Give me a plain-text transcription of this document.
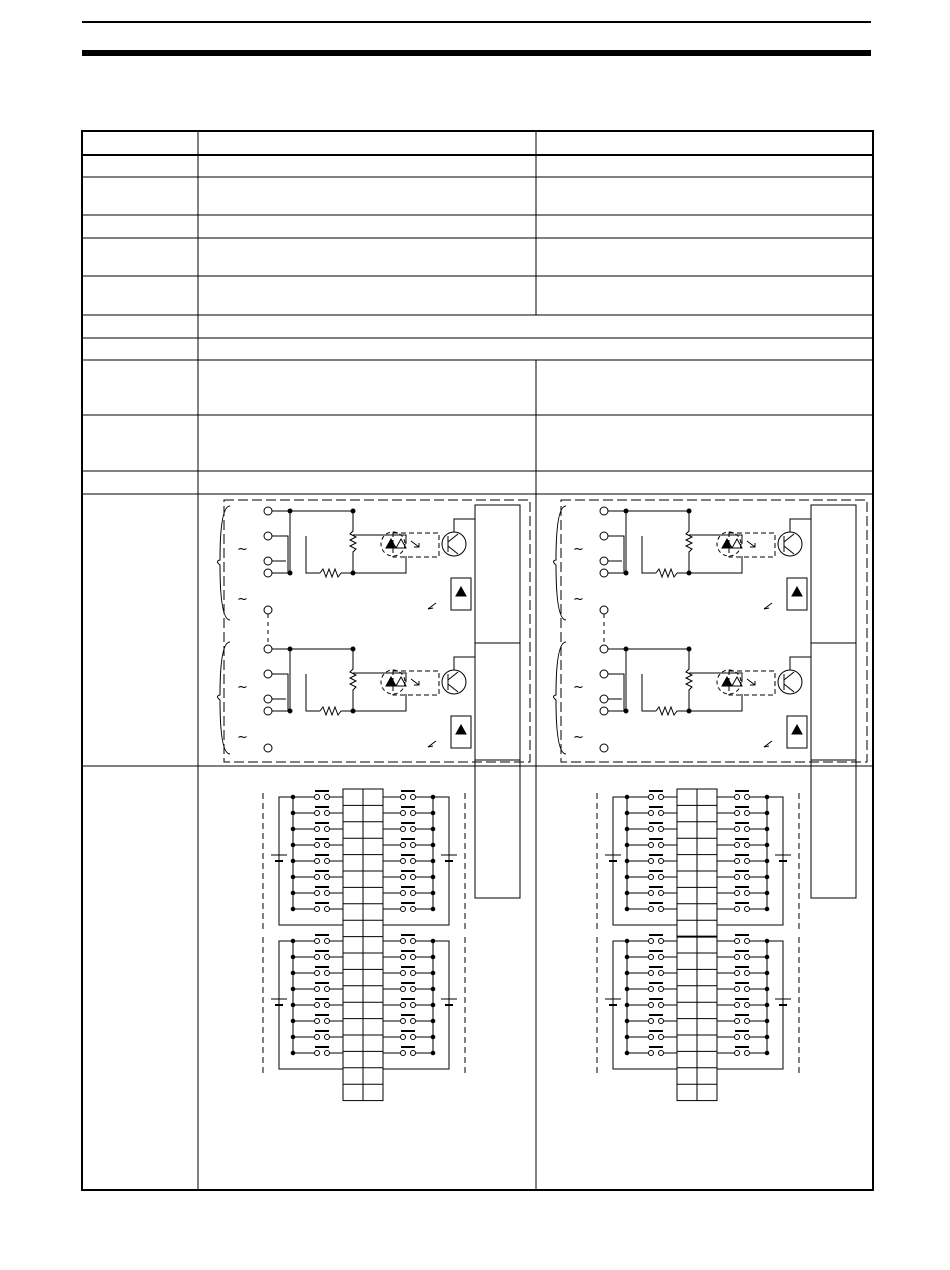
~
~
~
~
~
~
~
~
